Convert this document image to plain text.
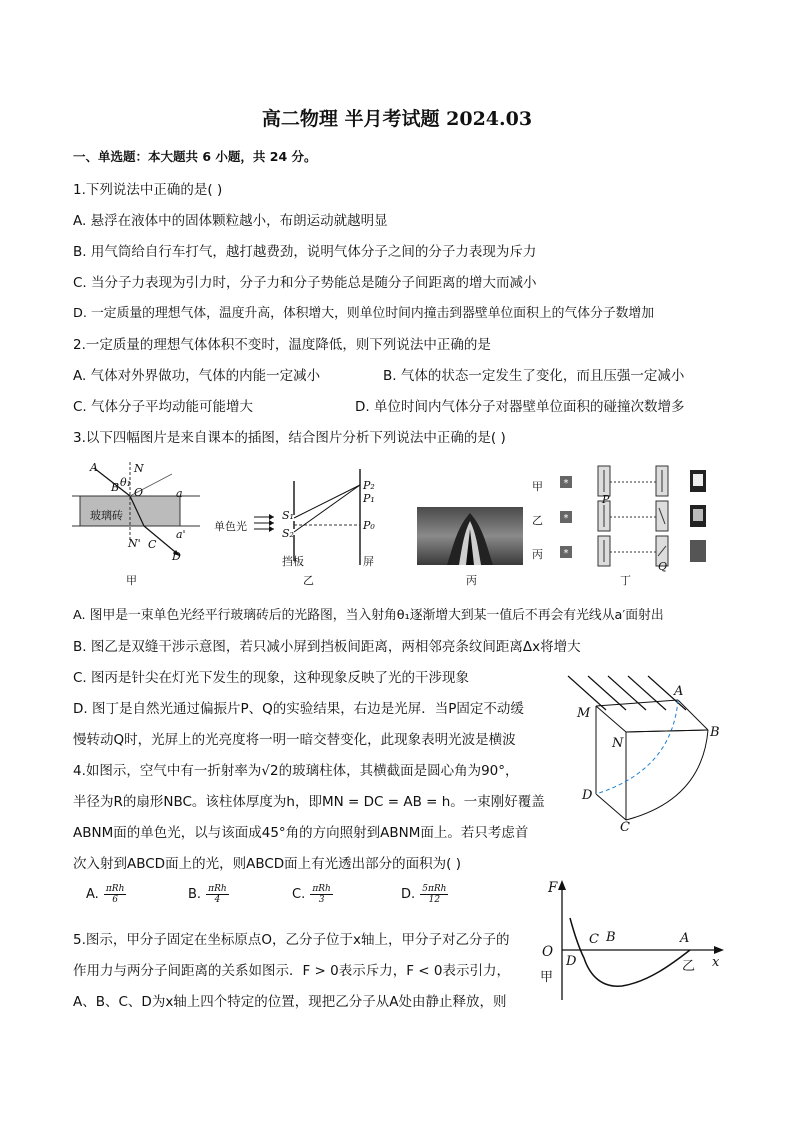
高二物理 半月考试题 2024.03
一、单选题：本大题共 6 小题，共 24 分。
1.下列说法中正确的是( )
A. 悬浮在液体中的固体颗粒越小，布朗运动就越明显
B. 用气筒给自行车打气，越打越费劲，说明气体分子之间的分子力表现为斥力
C. 当分子力表现为引力时，分子力和分子势能总是随分子间距离的增大而减小
D. 一定质量的理想气体，温度升高，体积增大，则单位时间内撞击到器壁单位面积上的气体分子数增加
2.一定质量的理想气体体积不变时，温度降低，则下列说法中正确的是
A. 气体对外界做功，气体的内能一定减小	B. 气体的状态一定发生了变化，而且压强一定减小
C. 气体分子平均动能可能增大	D. 单位时间内气体分子对器壁单位面积的碰撞次数增多
3.以下四幅图片是来自课本的插图，结合图片分析下列说法中正确的是( )
A	N
B θ₁
O	a
玻璃砖
N' C
a'
D
甲
单色光
S₁
S₂
P₂
P₁
P₀
挡板	屏
乙	丙
*
*
*
甲
乙
丙
P
Q
丁
A. 图甲是一束单色光经平行玻璃砖后的光路图，当入射角θ₁逐渐增大到某一值后不再会有光线从a′面射出
B. 图乙是双缝干涉示意图，若只减小屏到挡板间距离，两相邻亮条纹间距离Δx将增大
C. 图丙是针尖在灯光下发生的现象，这种现象反映了光的干涉现象
D. 图丁是自然光通过偏振片P、Q的实验结果，右边是光屏．当P固定不动缓
慢转动Q时，光屏上的光亮度将一明一暗交替变化，此现象表明光波是横波
M
N
A
B
D
C
4.如图示，空气中有一折射率为√2的玻璃柱体，其横截面是圆心角为90°，
半径为R的扇形NBC。该柱体厚度为h，即MN = DC = AB = h。一束刚好覆盖
ABNM面的单色光，以与该面成45°角的方向照射到ABNM面上。若只考虑首
次入射到ABCD面上的光，则ABCD面上有光透出部分的面积为( )
A. πRh
6	B. πRh
4	C. πRh
3	D. 5πRh
12
F
O
甲
D
C B	A
乙 x
5.图示，甲分子固定在坐标原点O，乙分子位于x轴上，甲分子对乙分子的
作用力与两分子间距离的关系如图示．F > 0表示斥力，F < 0表示引力，
A、B、C、D为x轴上四个特定的位置，现把乙分子从A处由静止释放，则
